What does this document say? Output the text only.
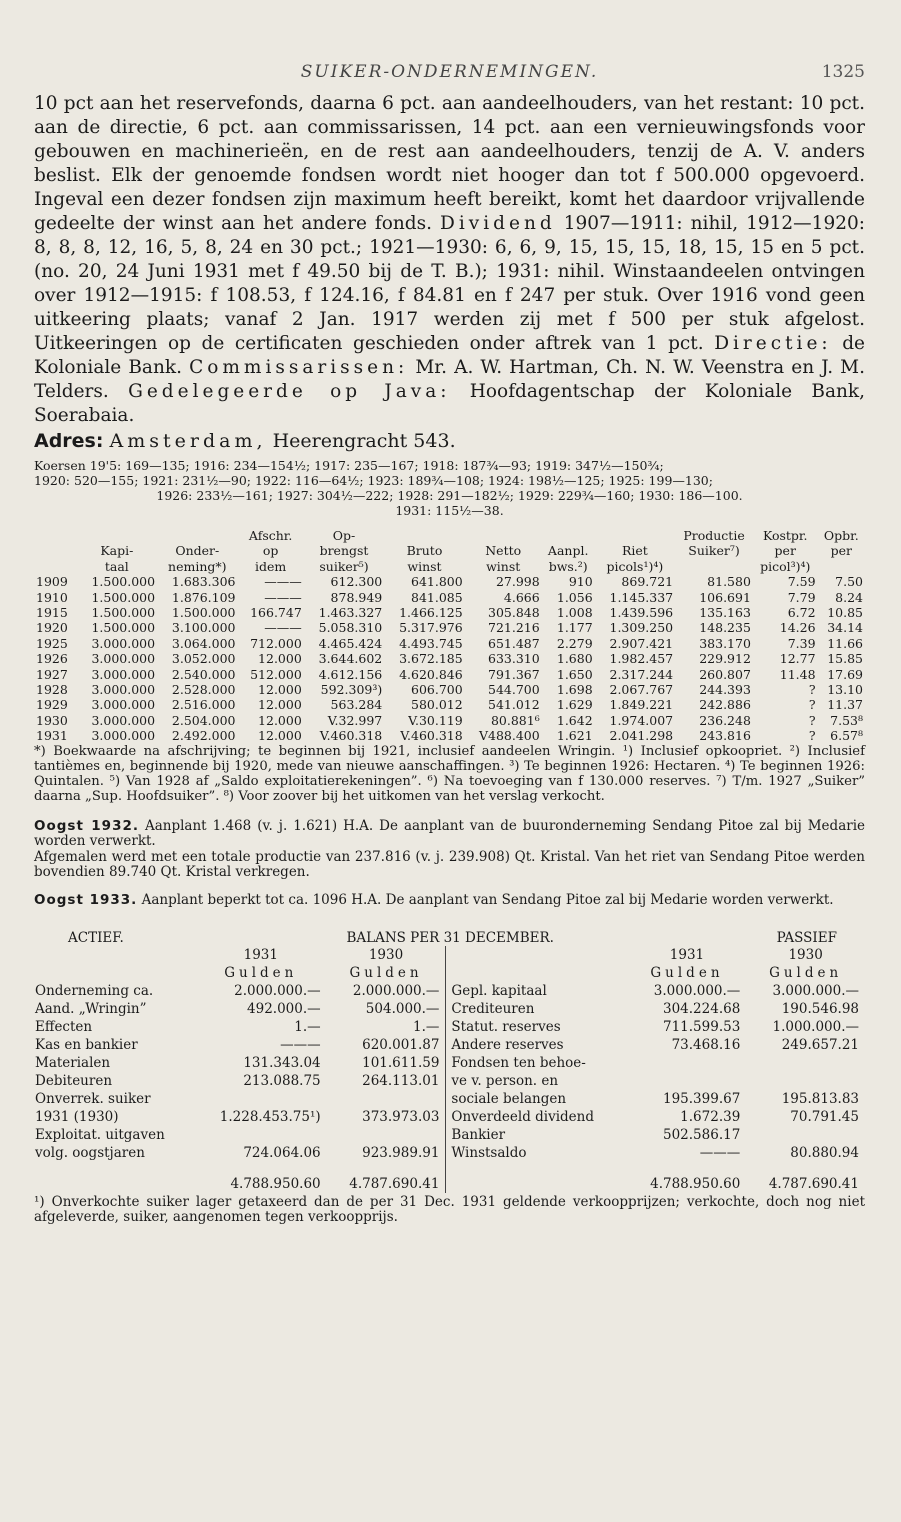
SUIKER-ONDERNEMINGEN.	1325

10 pct aan het reservefonds, daarna 6 pct. aan aandeelhouders, van het restant: 10 pct. aan de directie, 6 pct. aan commissarissen, 14 pct. aan een vernieuwingsfonds voor gebouwen en machinerieën, en de rest aan aandeelhouders, tenzij de A. V. anders beslist. Elk der genoemde fondsen wordt niet hooger dan tot f 500.000 opgevoerd. Ingeval een dezer fondsen zijn maximum heeft bereikt, komt het daardoor vrijvallende gedeelte der winst aan het andere fonds. Dividend 1907—1911: nihil, 1912—1920: 8, 8, 8, 12, 16, 5, 8, 24 en 30 pct.; 1921—1930: 6, 6, 9, 15, 15, 15, 18, 15, 15 en 5 pct. (no. 20, 24 Juni 1931 met f 49.50 bij de T. B.); 1931: nihil. Winstaandeelen ontvingen over 1912—1915: f 108.53, f 124.16, f 84.81 en f 247 per stuk. Over 1916 vond geen uitkeering plaats; vanaf 2 Jan. 1917 werden zij met f 500 per stuk afgelost. Uitkeeringen op de certificaten geschieden onder aftrek van 1 pct. Directie: de Koloniale Bank. Commissarissen: Mr. A. W. Hartman, Ch. N. W. Veenstra en J. M. Telders. Gedelegeerde op Java: Hoofdagentschap der Koloniale Bank, Soerabaia.

Adres: Amsterdam, Heerengracht 543.
Koersen 19'5: 169—135; 1916: 234—154½; 1917: 235—167; 1918: 187¾—93; 1919: 347½—150¾;
1920: 520—155; 1921: 231½—90; 1922: 116—64½; 1923: 189¾—108; 1924: 198½—125; 1925: 199—130;
1926: 233½—161; 1927: 304½—222; 1928: 291—182½; 1929: 229¾—160; 1930: 186—100.
1931: 115½—38.
			Afschr.	Op-					Productie	Kostpr.	Opbr.
	Kapi-	Onder-	op	brengst	Bruto	Netto	Aanpl.	Riet	Suiker⁷)	per	per
	taal	neming*)	idem	suiker⁵)	winst	winst	bws.²)	picols¹)⁴)		picol³)⁴)	
1909	1.500.000	1.683.306	———	612.300	641.800	27.998	910	869.721	81.580	7.59	7.50
1910	1.500.000	1.876.109	———	878.949	841.085	4.666	1.056	1.145.337	106.691	7.79	8.24
1915	1.500.000	1.500.000	166.747	1.463.327	1.466.125	305.848	1.008	1.439.596	135.163	6.72	10.85
1920	1.500.000	3.100.000	———	5.058.310	5.317.976	721.216	1.177	1.309.250	148.235	14.26	34.14
1925	3.000.000	3.064.000	712.000	4.465.424	4.493.745	651.487	2.279	2.907.421	383.170	7.39	11.66
1926	3.000.000	3.052.000	12.000	3.644.602	3.672.185	633.310	1.680	1.982.457	229.912	12.77	15.85
1927	3.000.000	2.540.000	512.000	4.612.156	4.620.846	791.367	1.650	2.317.244	260.807	11.48	17.69
1928	3.000.000	2.528.000	12.000	592.309³)	606.700	544.700	1.698	2.067.767	244.393	?	13.10
1929	3.000.000	2.516.000	12.000	563.284	580.012	541.012	1.629	1.849.221	242.886	?	11.37
1930	3.000.000	2.504.000	12.000	V.32.997	V.30.119	80.881⁶	1.642	1.974.007	236.248	?	7.53⁸
1931	3.000.000	2.492.000	12.000	V.460.318	V.460.318	V488.400	1.621	2.041.298	243.816	?	6.57⁸
*) Boekwaarde na afschrijving; te beginnen bij 1921, inclusief aandeelen Wringin. ¹) Inclusief opkoopriet. ²) Inclusief tantièmes en, beginnende bij 1920, mede van nieuwe aanschaffingen. ³) Te beginnen 1926: Hectaren. ⁴) Te beginnen 1926: Quintalen. ⁵) Van 1928 af „Saldo exploitatierekeningen”. ⁶) Na toevoeging van f 130.000 reserves. ⁷) T/m. 1927 „Suiker” daarna „Sup. Hoofdsuiker”. ⁸) Voor zoover bij het uitkomen van het verslag verkocht.
Oogst 1932. Aanplant 1.468 (v. j. 1.621) H.A. De aanplant van de buuronderneming Sendang Pitoe zal bij Medarie worden verwerkt.
Afgemalen werd met een totale productie van 237.816 (v. j. 239.908) Qt. Kristal. Van het riet van Sendang Pitoe werden bovendien 89.740 Qt. Kristal verkregen.
Oogst 1933. Aanplant beperkt tot ca. 1096 H.A. De aanplant van Sendang Pitoe zal bij Medarie worden verwerkt.
ACTIEF.	BALANS PER 31 DECEMBER.	PASSIEF
	1931	1930			1931	1930
	Gulden	Gulden			Gulden	Gulden
Onderneming ca.	2.000.000.—	2.000.000.—		Gepl. kapitaal	3.000.000.—	3.000.000.—
Aand. „Wringin”	492.000.—	504.000.—		Crediteuren	304.224.68	190.546.98
Effecten	1.—	1.—		Statut. reserves	711.599.53	1.000.000.—
Kas en bankier	———	620.001.87		Andere reserves	73.468.16	249.657.21
Materialen	131.343.04	101.611.59		Fondsen ten behoe-		
Debiteuren	213.088.75	264.113.01		ve v. person. en		
Onverrek. suiker				sociale belangen	195.399.67	195.813.83
1931 (1930)	1.228.453.75¹)	373.973.03		Onverdeeld dividend	1.672.39	70.791.45
Exploitat. uitgaven				Bankier	502.586.17	
volg. oogstjaren	724.064.06	923.989.91		Winstsaldo	———	80.880.94
	4.788.950.60	4.787.690.41			4.788.950.60	4.787.690.41
¹) Onverkochte suiker lager getaxeerd dan de per 31 Dec. 1931 geldende verkoopprijzen; verkochte, doch nog niet afgeleverde, suiker, aangenomen tegen verkoopprijs.
